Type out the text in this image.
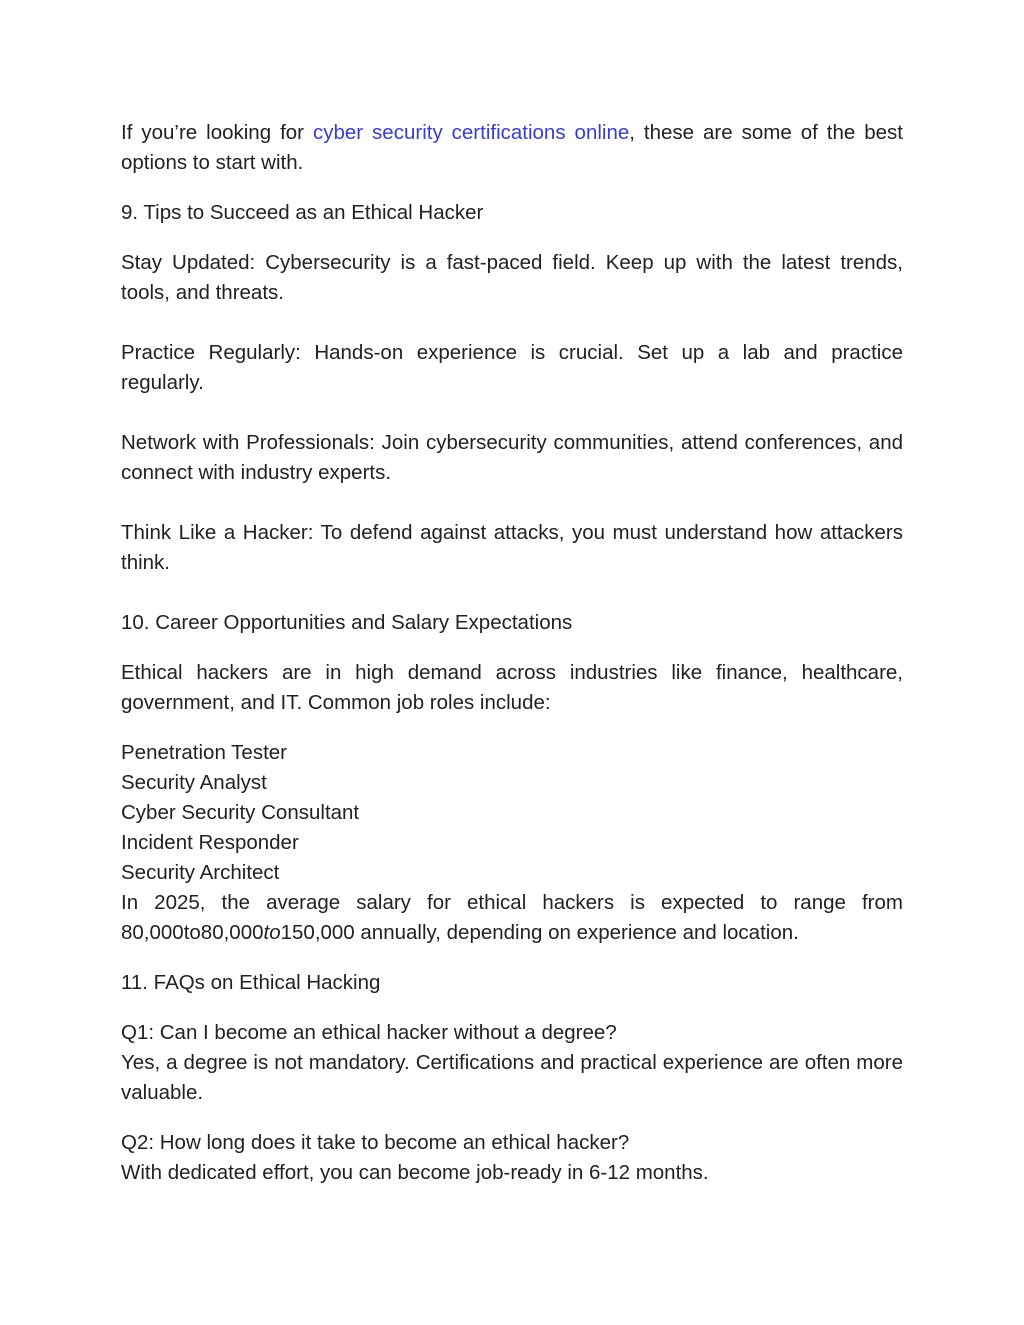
If you’re looking for cyber security certifications online, these are some of the best options to start with.

9. Tips to Succeed as an Ethical Hacker

Stay Updated: Cybersecurity is a fast-paced field. Keep up with the latest trends, tools, and threats.

Practice Regularly: Hands-on experience is crucial. Set up a lab and practice regularly.

Network with Professionals: Join cybersecurity communities, attend conferences, and connect with industry experts.

Think Like a Hacker: To defend against attacks, you must understand how attackers think.

10. Career Opportunities and Salary Expectations

Ethical hackers are in high demand across industries like finance, healthcare, government, and IT. Common job roles include:

Penetration Tester
Security Analyst
Cyber Security Consultant
Incident Responder
Security Architect

In 2025, the average salary for ethical hackers is expected to range from 80,000to80,000to150,000 annually, depending on experience and location.

11. FAQs on Ethical Hacking

Q1: Can I become an ethical hacker without a degree?

Yes, a degree is not mandatory. Certifications and practical experience are often more valuable.

Q2: How long does it take to become an ethical hacker?

With dedicated effort, you can become job-ready in 6-12 months.
